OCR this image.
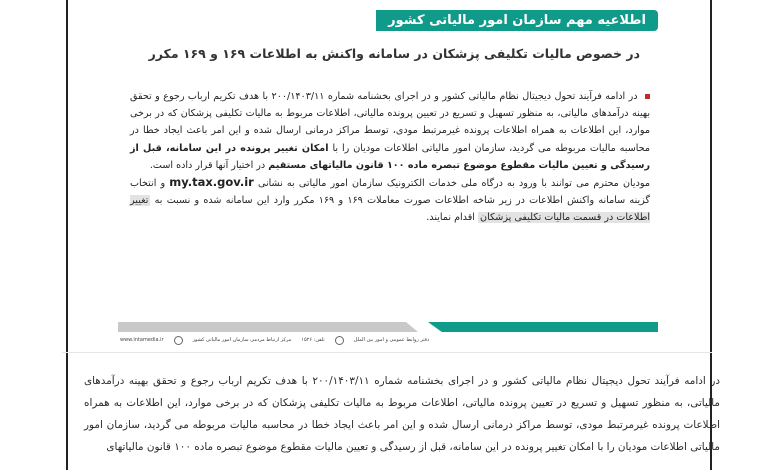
اطلاعیه مهم سازمان امور مالیاتی کشور
در خصوص مالیات تکلیفی پزشکان در سامانه واکنش به اطلاعات ۱۶۹ و ۱۶۹ مکرر
در ادامه فرآیند تحول دیجیتال نظام مالیاتی کشور و در اجرای بخشنامه شماره ۲۰۰/۱۴۰۳/۱۱ با هدف تکریم ارباب رجوع و تحقق بهینه درآمدهای مالیاتی، به منظور تسهیل و تسریع در تعیین پرونده مالیاتی، اطلاعات مربوط به مالیات تکلیفی پزشکان که در برخی موارد، این اطلاعات به همراه اطلاعات پرونده غیرمرتبط مودی، توسط مراکز درمانی ارسال شده و این امر باعث ایجاد خطا در محاسبه مالیات مربوطه می گردید، سازمان امور مالیاتی اطلاعات مودیان را با امکان تغییر پرونده در این سامانه، قبل از رسیدگی و تعیین مالیات مقطوع موضوع تبصره ماده ۱۰۰ قانون مالیاتهای مستقیم در اختیار آنها قرار داده است.
مودیان محترم می توانند با ورود به درگاه ملی خدمات الکترونیک سازمان امور مالیاتی به نشانی my.tax.gov.ir و انتخاب گزینه سامانه واکنش اطلاعات در زیر شاخه اطلاعات صورت معاملات ۱۶۹ و ۱۶۹ مکرر وارد این سامانه شده و نسبت به تغییر اطلاعات در قسمت مالیات تکلیفی پزشکان اقدام نمایند.
دفتر روابط عمومی و امور بین الملل
تلفن: ۱۵۲۶
مرکز ارتباط مردمی سازمان امور مالیاتی کشور
www.intamedia.ir
در ادامه فرآیند تحول دیجیتال نظام مالیاتی کشور و در اجرای بخشنامه شماره ۲۰۰/۱۴۰۳/۱۱ با هدف تکریم ارباب رجوع و تحقق بهینه درآمدهای مالیاتی، به منظور تسهیل و تسریع در تعیین پرونده مالیاتی، اطلاعات مربوط به مالیات تکلیفی پزشکان که در برخی موارد، این اطلاعات به همراه اطلاعات پرونده غیرمرتبط مودی، توسط مراکز درمانی ارسال شده و این امر باعث ایجاد خطا در محاسبه مالیات مربوطه می گردید، سازمان امور مالیاتی اطلاعات مودیان را با امکان تغییر پرونده در این سامانه، قبل از رسیدگی و تعیین مالیات مقطوع موضوع تبصره ماده ۱۰۰ قانون مالیاتهای
